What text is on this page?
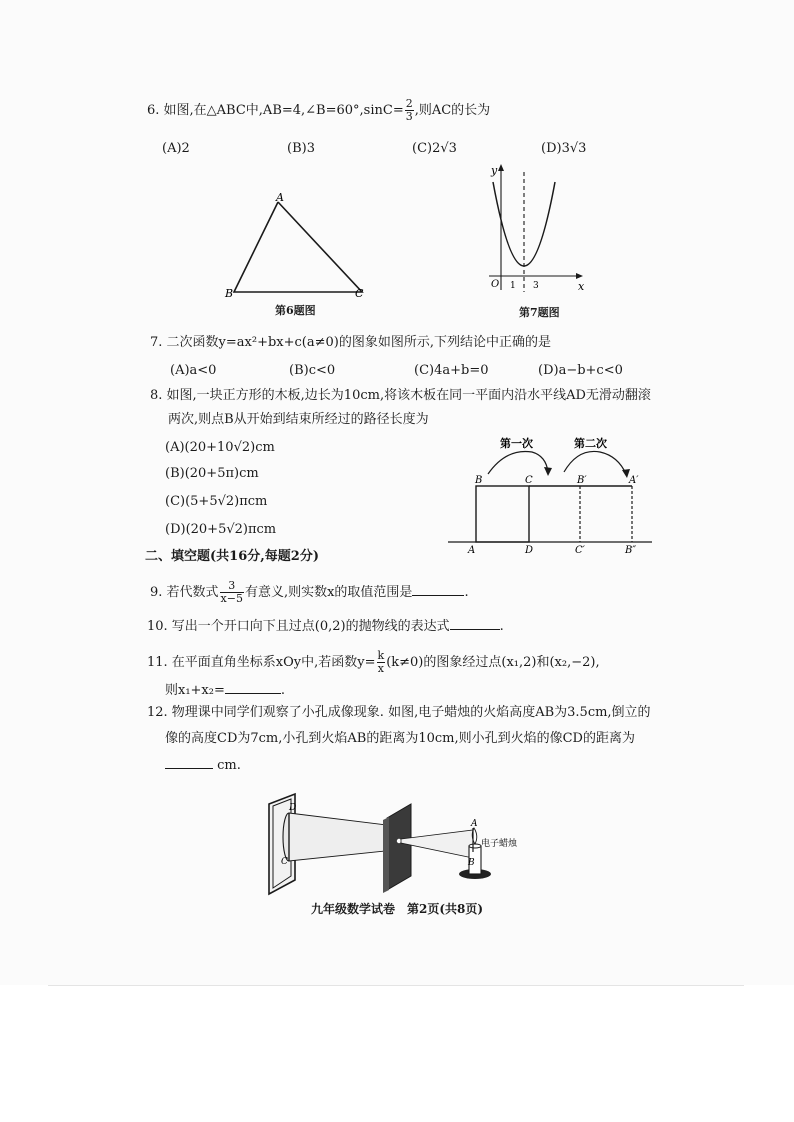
6. 如图,在△ABC中,AB=4,∠B=60°,sinC= $\frac{2}{3}$ ,则AC的长为
(A)2	(B)3	(C)2√3	(D)3√3
A
B	C
第6题图
y
x
O 1 3
第7题图
7. 二次函数y=ax²+bx+c(a≠0)的图象如图所示,下列结论中正确的是
(A)a<0	(B)c<0	(C)4a+b=0	(D)a−b+c<0
8. 如图,一块正方形的木板,边长为10cm,将该木板在同一平面内沿水平线AD无滑动翻滚
两次,则点B从开始到结束所经过的路径长度为
(A)(20+10√2)cm
(B)(20+5π)cm
(C)(5+5√2)πcm
(D)(20+5√2)πcm
第一次	第二次
B	C	B′	A′
A	D	C′	B″
二、填空题(共16分,每题2分)
9. 若代数式 $\frac{3}{x-5}$ 有意义,则实数x的取值范围是	.
10. 写出一个开口向下且过点(0,2)的抛物线的表达式	.
11. 在平面直角坐标系xOy中,若函数$y= \frac{k}{x} (k\ne 0)$的图象经过点(x₁,2)和(x₂,−2),
则x₁+x₂=	.
12. 物理课中同学们观察了小孔成像现象. 如图,电子蜡烛的火焰高度AB为3.5cm,倒立的
像的高度CD为7cm,小孔到火焰AB的距离为10cm,则小孔到火焰的像CD的距离为
cm.
D
C
A
B
电子蜡烛
九年级数学试卷　第2页(共8页)
